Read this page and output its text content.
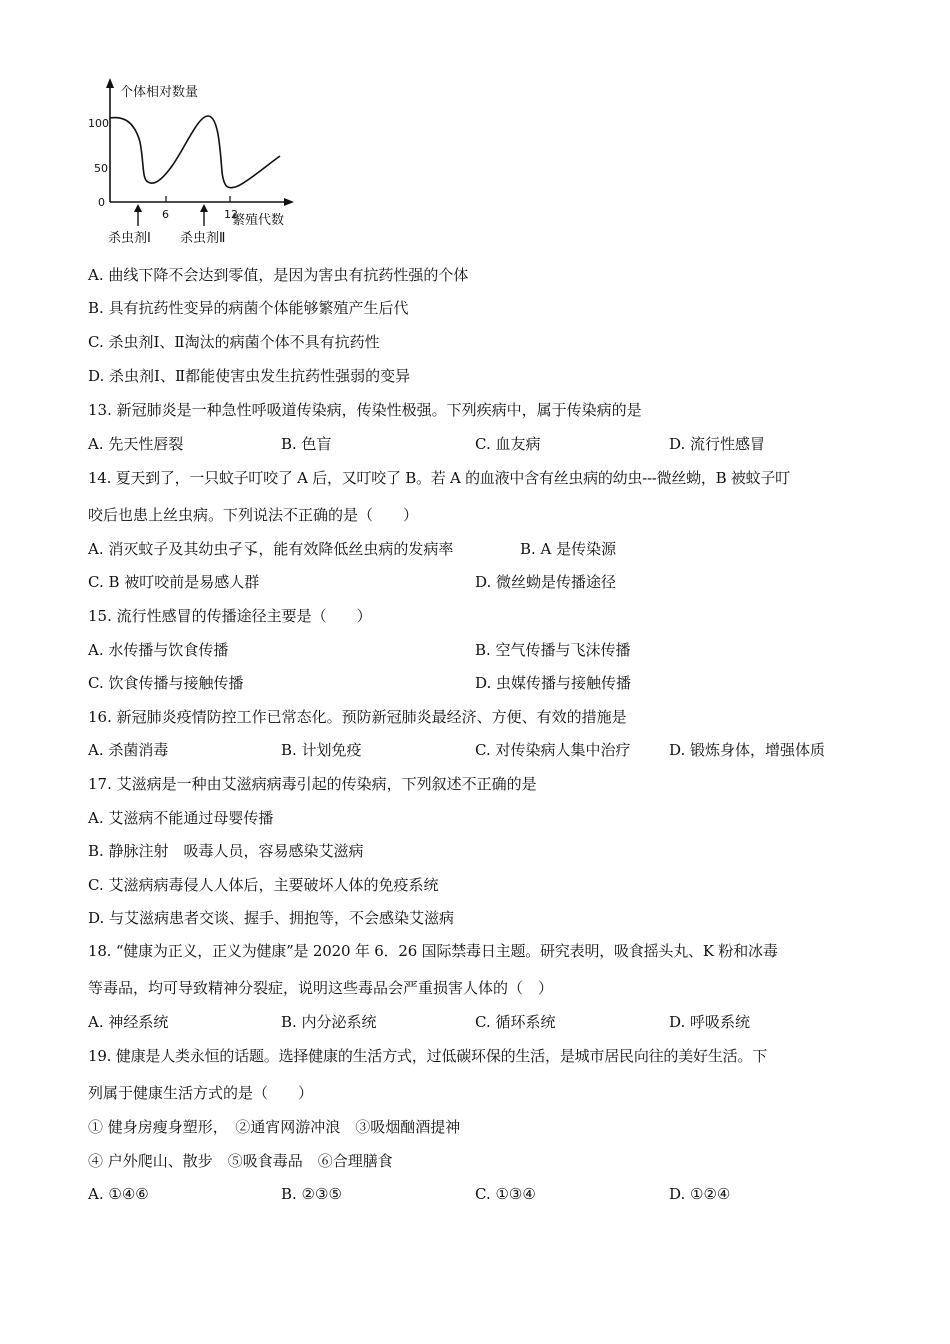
个体相对数量
100
50
0
6	12
繁殖代数
杀虫剂Ⅰ 杀虫剂Ⅱ
A. 曲线下降不会达到零值，是因为害虫有抗药性强的个体
B. 具有抗药性变异的病菌个体能够繁殖产生后代
C. 杀虫剂Ⅰ、Ⅱ淘汰的病菌个体不具有抗药性
D. 杀虫剂Ⅰ、Ⅱ都能使害虫发生抗药性强弱的变异
13. 新冠肺炎是一种急性呼吸道传染病，传染性极强。下列疾病中，属于传染病的是
A. 先天性唇裂	B. 色盲	C. 血友病	D. 流行性感冒
14. 夏天到了，一只蚊子叮咬了 A 后，又叮咬了 B。若 A 的血液中含有丝虫病的幼虫---微丝蚴，B 被蚊子叮
咬后也患上丝虫病。下列说法不正确的是（　　）
A. 消灭蚊子及其幼虫孑孓，能有效降低丝虫病的发病率	B. A 是传染源
C. B 被叮咬前是易感人群	D. 微丝蚴是传播途径
15. 流行性感冒的传播途径主要是（　　）
A. 水传播与饮食传播	B. 空气传播与飞沫传播
C. 饮食传播与接触传播	D. 虫媒传播与接触传播
16. 新冠肺炎疫情防控工作已常态化。预防新冠肺炎最经济、方便、有效的措施是
A. 杀菌消毒	B. 计划免疫	C. 对传染病人集中治疗	D. 锻炼身体，增强体质
17. 艾滋病是一种由艾滋病病毒引起的传染病，下列叙述不正确的是
A. 艾滋病不能通过母婴传播
B. 静脉注射　吸毒人员，容易感染艾滋病
C. 艾滋病病毒侵人人体后，主要破坏人体的免疫系统
D. 与艾滋病患者交谈、握手、拥抱等，不会感染艾滋病
18. “健康为正义，正义为健康”是 2020 年 6．26 国际禁毒日主题。研究表明，吸食摇头丸、K 粉和冰毒
等毒品，均可导致精神分裂症，说明这些毒品会严重损害人体的（　）
A. 神经系统	B. 内分泌系统	C. 循环系统	D. 呼吸系统
19. 健康是人类永恒的话题。选择健康的生活方式，过低碳环保的生活，是城市居民向往的美好生活。下
列属于健康生活方式的是（　　）
① 健身房瘦身塑形，　②通宵网游冲浪　③吸烟酗酒提神
④ 户外爬山、散步　⑤吸食毒品　⑥合理膳食
A. ①④⑥	B. ②③⑤	C. ①③④	D. ①②④
